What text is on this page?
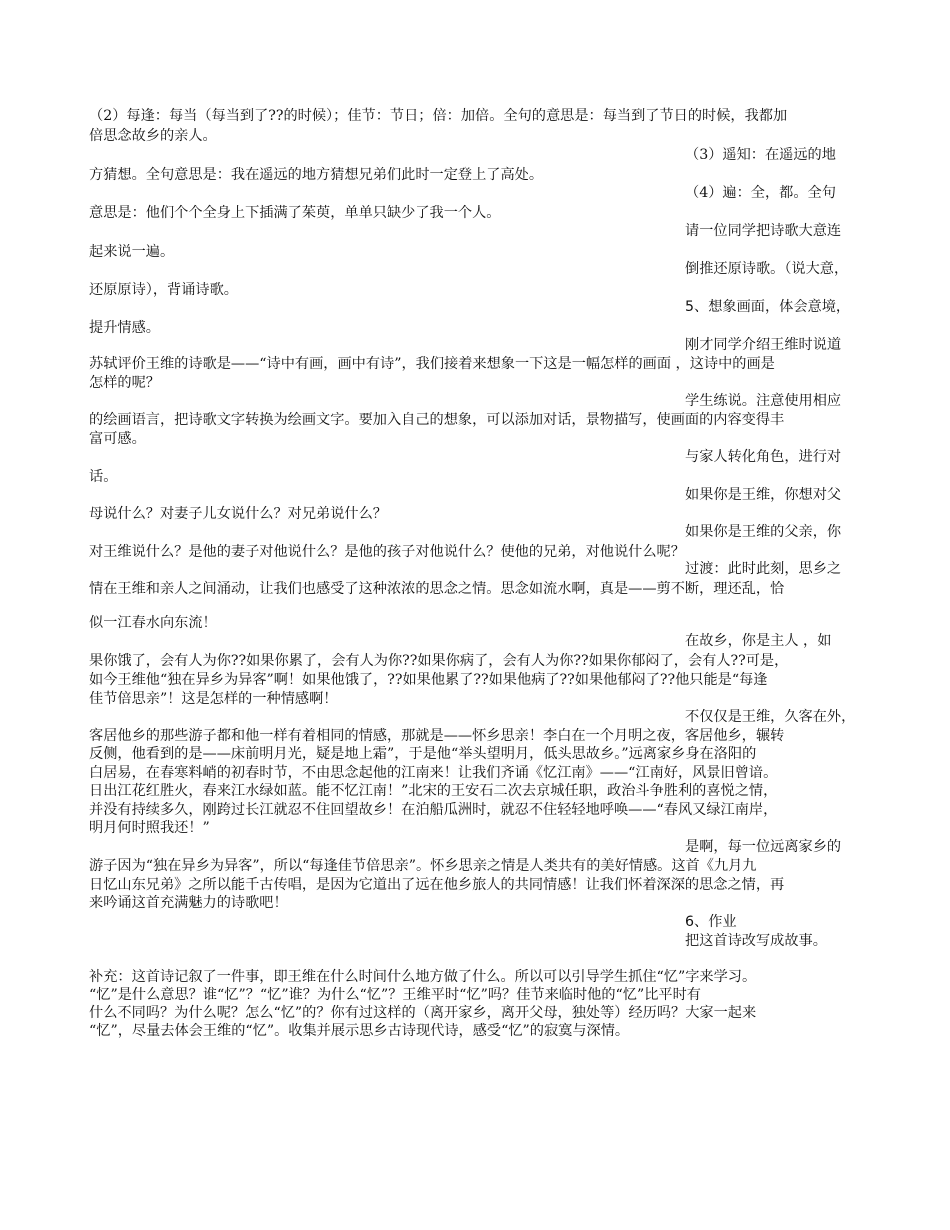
（2）每逢：每当（每当到了??的时候）；佳节：节日；倍：加倍。全句的意思是：每当到了节日的时候，我都加
倍思念故乡的亲人。
（3）遥知：在遥远的地
方猜想。全句意思是：我在遥远的地方猜想兄弟们此时一定登上了高处。
（4）遍：全，都。全句
意思是：他们个个全身上下插满了茱萸，单单只缺少了我一个人。
请一位同学把诗歌大意连
起来说一遍。
倒推还原诗歌。（说大意，
还原原诗），背诵诗歌。
5、想象画面，体会意境，
提升情感。
刚才同学介绍王维时说道
苏轼评价王维的诗歌是——“诗中有画，画中有诗”，我们接着来想象一下这是一幅怎样的画面 ，这诗中的画是
怎样的呢？
学生练说。注意使用相应
的绘画语言，把诗歌文字转换为绘画文字。要加入自己的想象，可以添加对话，景物描写，使画面的内容变得丰
富可感。
与家人转化角色，进行对
话。
如果你是王维，你想对父
母说什么？对妻子儿女说什么？对兄弟说什么？
如果你是王维的父亲，你
对王维说什么？是他的妻子对他说什么？是他的孩子对他说什么？使他的兄弟，对他说什么呢？
过渡：此时此刻，思乡之
情在王维和亲人之间涌动，让我们也感受了这种浓浓的思念之情。思念如流水啊，真是——剪不断，理还乱，恰
似一江春水向东流！
在故乡，你是主人 ，如
果你饿了，会有人为你??如果你累了，会有人为你??如果你病了，会有人为你??如果你郁闷了，会有人??可是，
如今王维他“独在异乡为异客”啊！如果他饿了，??如果他累了??如果他病了??如果他郁闷了??他只能是“每逢
佳节倍思亲”！这是怎样的一种情感啊！
不仅仅是王维，久客在外，
客居他乡的那些游子都和他一样有着相同的情感，那就是——怀乡思亲！李白在一个月明之夜，客居他乡，辗转
反侧，他看到的是——床前明月光，疑是地上霜”，于是他“举头望明月，低头思故乡。”远离家乡身在洛阳的
白居易，在春寒料峭的初春时节，不由思念起他的江南来！让我们齐诵《忆江南》——“江南好，风景旧曾谙。
日出江花红胜火，春来江水绿如蓝。能不忆江南！”北宋的王安石二次去京城任职，政治斗争胜利的喜悦之情，
并没有持续多久，刚跨过长江就忍不住回望故乡！在泊船瓜洲时，就忍不住轻轻地呼唤——“春风又绿江南岸，
明月何时照我还！”
是啊，每一位远离家乡的
游子因为“独在异乡为异客”，所以“每逢佳节倍思亲”。怀乡思亲之情是人类共有的美好情感。这首《九月九
日忆山东兄弟》之所以能千古传唱，是因为它道出了远在他乡旅人的共同情感！让我们怀着深深的思念之情，再
来吟诵这首充满魅力的诗歌吧！
6、作业
把这首诗改写成故事。
补充：这首诗记叙了一件事，即王维在什么时间什么地方做了什么。所以可以引导学生抓住“忆”字来学习。
“忆”是什么意思？谁“忆”？“忆”谁？为什么“忆”？王维平时“忆”吗？佳节来临时他的“忆”比平时有
什么不同吗？为什么呢？怎么“忆”的？你有过这样的（离开家乡，离开父母，独处等）经历吗？大家一起来
“忆”，尽量去体会王维的“忆”。收集并展示思乡古诗现代诗，感受“忆”的寂寞与深情。
